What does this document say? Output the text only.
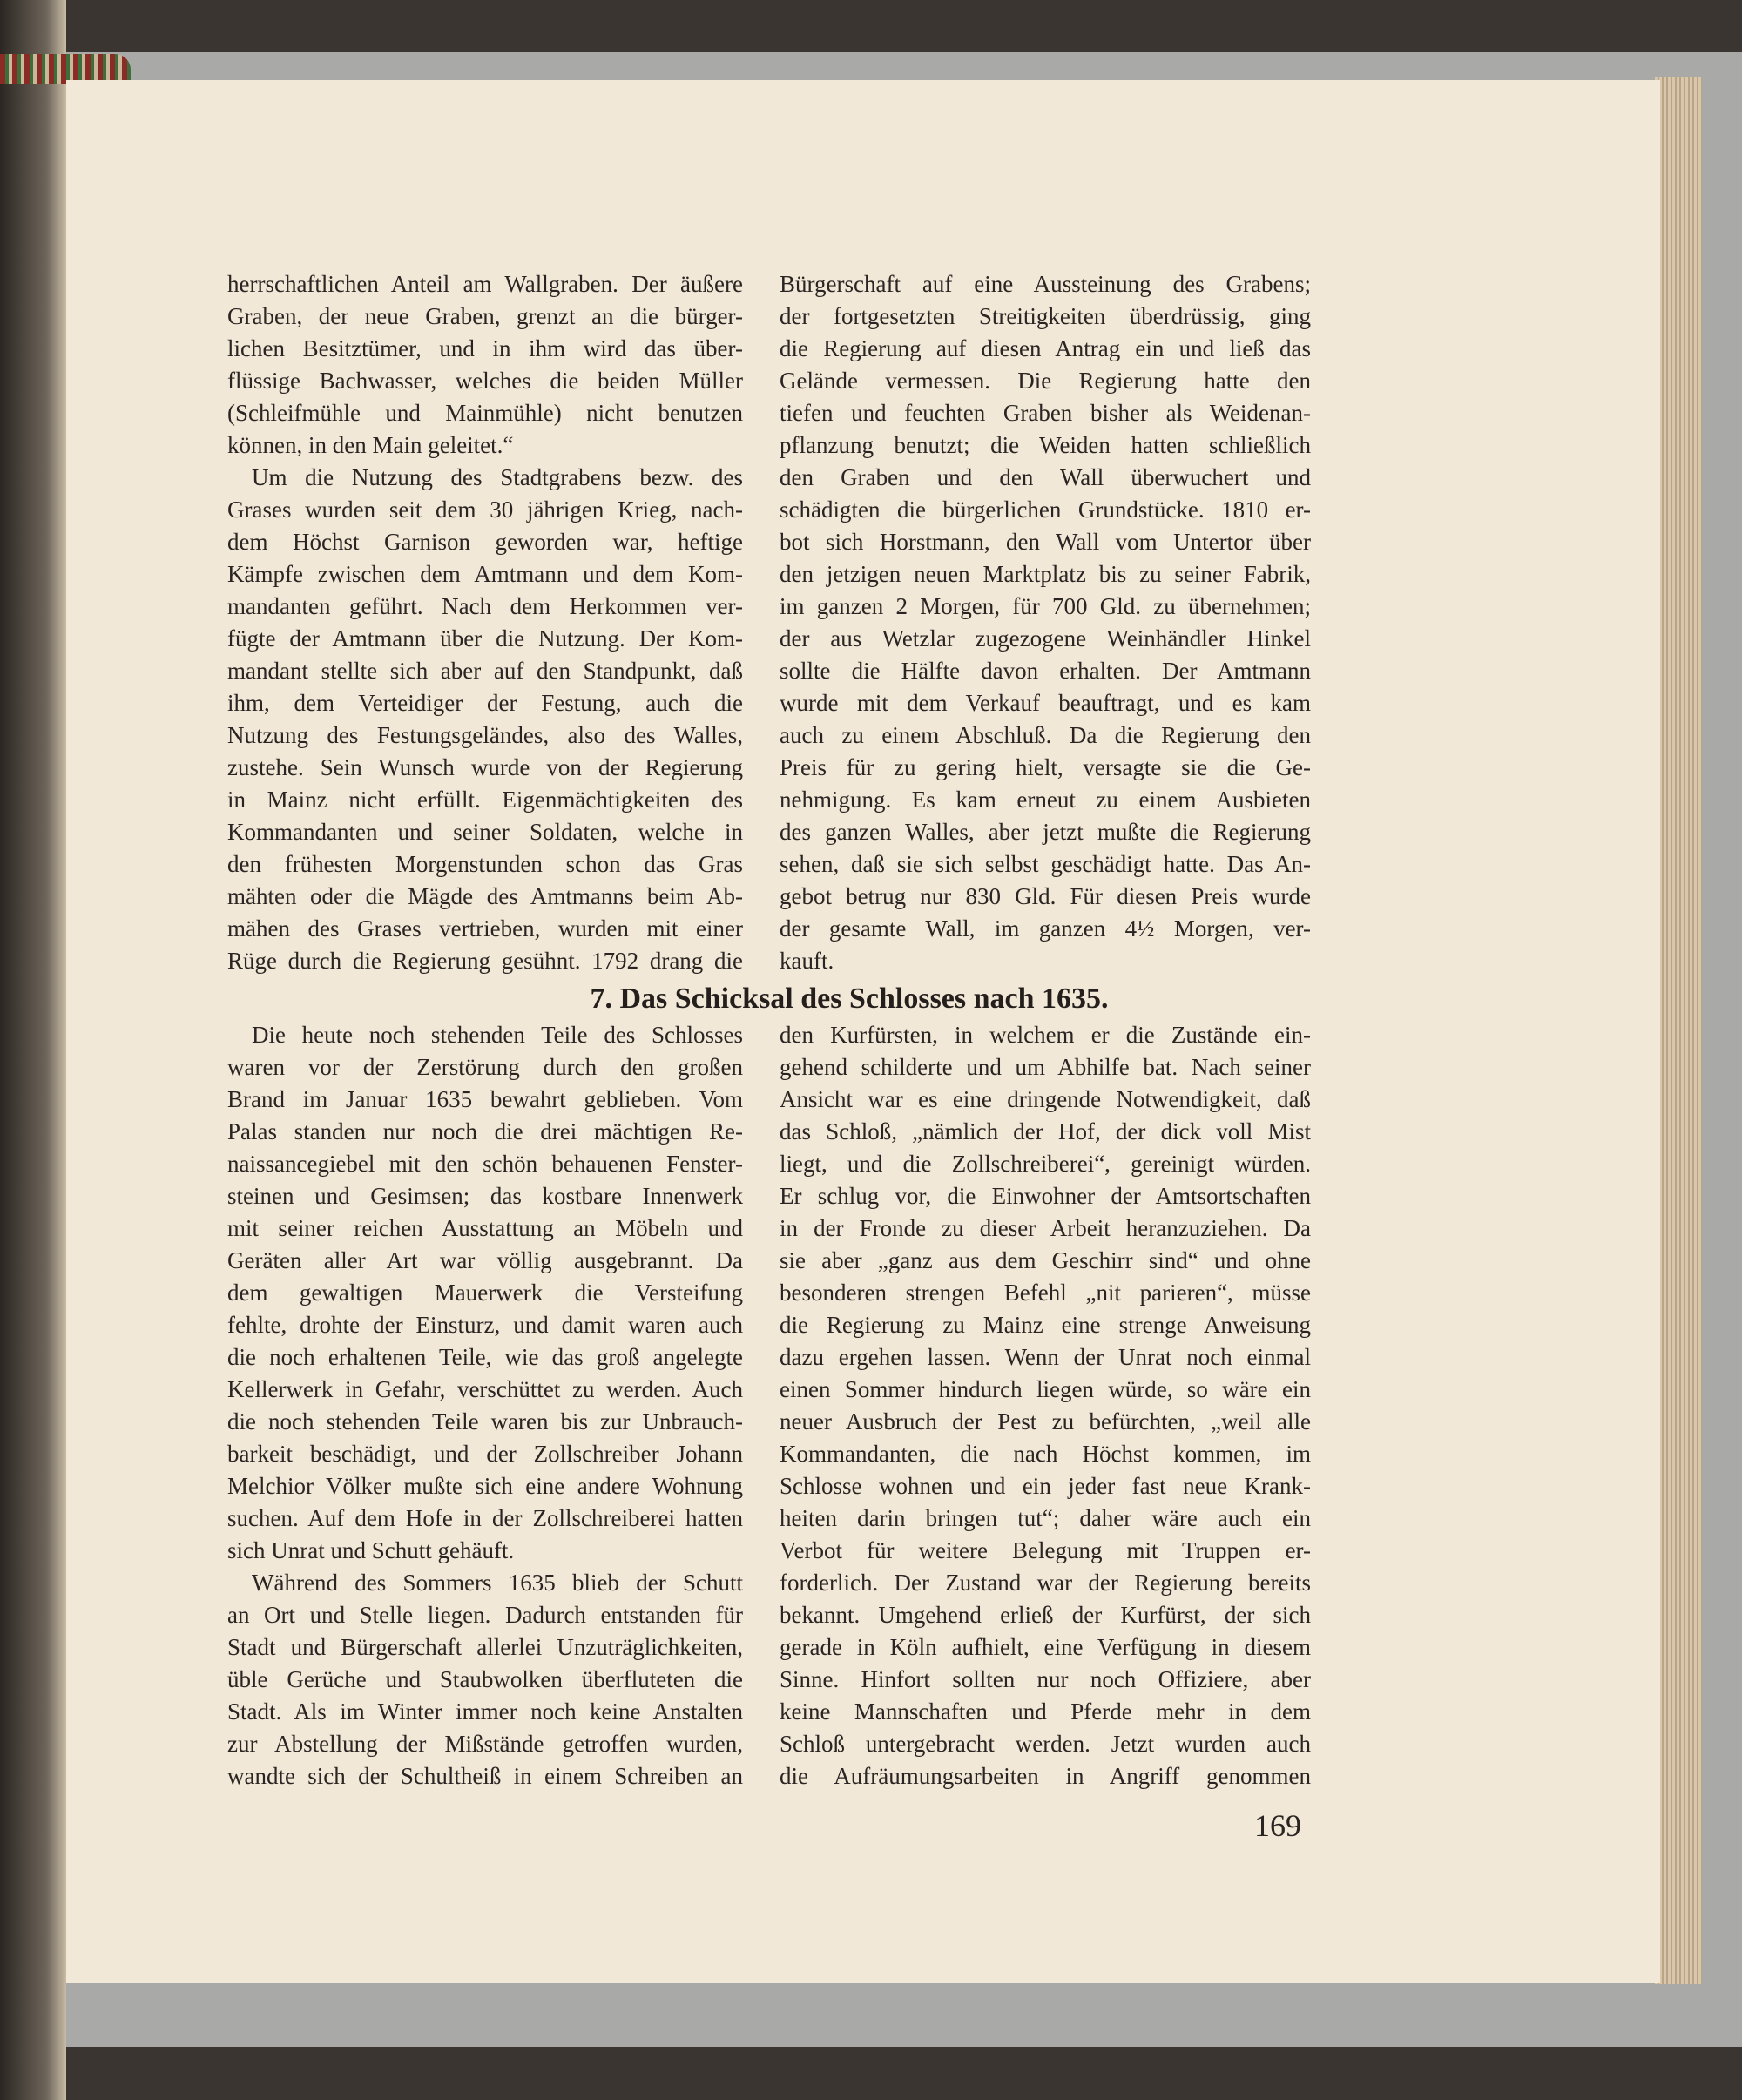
herrschaftlichen Anteil am Wallgraben. Der äußere
Graben, der neue Graben, grenzt an die bürger-
lichen Besitztümer, und in ihm wird das über-
flüssige Bachwasser, welches die beiden Müller
(Schleifmühle und Mainmühle) nicht benutzen
können, in den Main geleitet.“
Um die Nutzung des Stadtgrabens bezw. des
Grases wurden seit dem 30 jährigen Krieg, nach-
dem Höchst Garnison geworden war, heftige
Kämpfe zwischen dem Amtmann und dem Kom-
mandanten geführt. Nach dem Herkommen ver-
fügte der Amtmann über die Nutzung. Der Kom-
mandant stellte sich aber auf den Standpunkt, daß
ihm, dem Verteidiger der Festung, auch die
Nutzung des Festungsgeländes, also des Walles,
zustehe. Sein Wunsch wurde von der Regierung
in Mainz nicht erfüllt. Eigenmächtigkeiten des
Kommandanten und seiner Soldaten, welche in
den frühesten Morgenstunden schon das Gras
mähten oder die Mägde des Amtmanns beim Ab-
mähen des Grases vertrieben, wurden mit einer
Rüge durch die Regierung gesühnt. 1792 drang die
Bürgerschaft auf eine Aussteinung des Grabens;
der fortgesetzten Streitigkeiten überdrüssig, ging
die Regierung auf diesen Antrag ein und ließ das
Gelände vermessen. Die Regierung hatte den
tiefen und feuchten Graben bisher als Weidenan-
pflanzung benutzt; die Weiden hatten schließlich
den Graben und den Wall überwuchert und
schädigten die bürgerlichen Grundstücke. 1810 er-
bot sich Horstmann, den Wall vom Untertor über
den jetzigen neuen Marktplatz bis zu seiner Fabrik,
im ganzen 2 Morgen, für 700 Gld. zu übernehmen;
der aus Wetzlar zugezogene Weinhändler Hinkel
sollte die Hälfte davon erhalten. Der Amtmann
wurde mit dem Verkauf beauftragt, und es kam
auch zu einem Abschluß. Da die Regierung den
Preis für zu gering hielt, versagte sie die Ge-
nehmigung. Es kam erneut zu einem Ausbieten
des ganzen Walles, aber jetzt mußte die Regierung
sehen, daß sie sich selbst geschädigt hatte. Das An-
gebot betrug nur 830 Gld. Für diesen Preis wurde
der gesamte Wall, im ganzen 4½ Morgen, ver-
kauft.
7. Das Schicksal des Schlosses nach 1635.
Die heute noch stehenden Teile des Schlosses
waren vor der Zerstörung durch den großen
Brand im Januar 1635 bewahrt geblieben. Vom
Palas standen nur noch die drei mächtigen Re-
naissancegiebel mit den schön behauenen Fenster-
steinen und Gesimsen; das kostbare Innenwerk
mit seiner reichen Ausstattung an Möbeln und
Geräten aller Art war völlig ausgebrannt. Da
dem gewaltigen Mauerwerk die Versteifung
fehlte, drohte der Einsturz, und damit waren auch
die noch erhaltenen Teile, wie das groß angelegte
Kellerwerk in Gefahr, verschüttet zu werden. Auch
die noch stehenden Teile waren bis zur Unbrauch-
barkeit beschädigt, und der Zollschreiber Johann
Melchior Völker mußte sich eine andere Wohnung
suchen. Auf dem Hofe in der Zollschreiberei hatten
sich Unrat und Schutt gehäuft.
Während des Sommers 1635 blieb der Schutt
an Ort und Stelle liegen. Dadurch entstanden für
Stadt und Bürgerschaft allerlei Unzuträglichkeiten,
üble Gerüche und Staubwolken überfluteten die
Stadt. Als im Winter immer noch keine Anstalten
zur Abstellung der Mißstände getroffen wurden,
wandte sich der Schultheiß in einem Schreiben an
den Kurfürsten, in welchem er die Zustände ein-
gehend schilderte und um Abhilfe bat. Nach seiner
Ansicht war es eine dringende Notwendigkeit, daß
das Schloß, „nämlich der Hof, der dick voll Mist
liegt, und die Zollschreiberei“, gereinigt würden.
Er schlug vor, die Einwohner der Amtsortschaften
in der Fronde zu dieser Arbeit heranzuziehen. Da
sie aber „ganz aus dem Geschirr sind“ und ohne
besonderen strengen Befehl „nit parieren“, müsse
die Regierung zu Mainz eine strenge Anweisung
dazu ergehen lassen. Wenn der Unrat noch einmal
einen Sommer hindurch liegen würde, so wäre ein
neuer Ausbruch der Pest zu befürchten, „weil alle
Kommandanten, die nach Höchst kommen, im
Schlosse wohnen und ein jeder fast neue Krank-
heiten darin bringen tut“; daher wäre auch ein
Verbot für weitere Belegung mit Truppen er-
forderlich. Der Zustand war der Regierung bereits
bekannt. Umgehend erließ der Kurfürst, der sich
gerade in Köln aufhielt, eine Verfügung in diesem
Sinne. Hinfort sollten nur noch Offiziere, aber
keine Mannschaften und Pferde mehr in dem
Schloß untergebracht werden. Jetzt wurden auch
die Aufräumungsarbeiten in Angriff genommen
169
